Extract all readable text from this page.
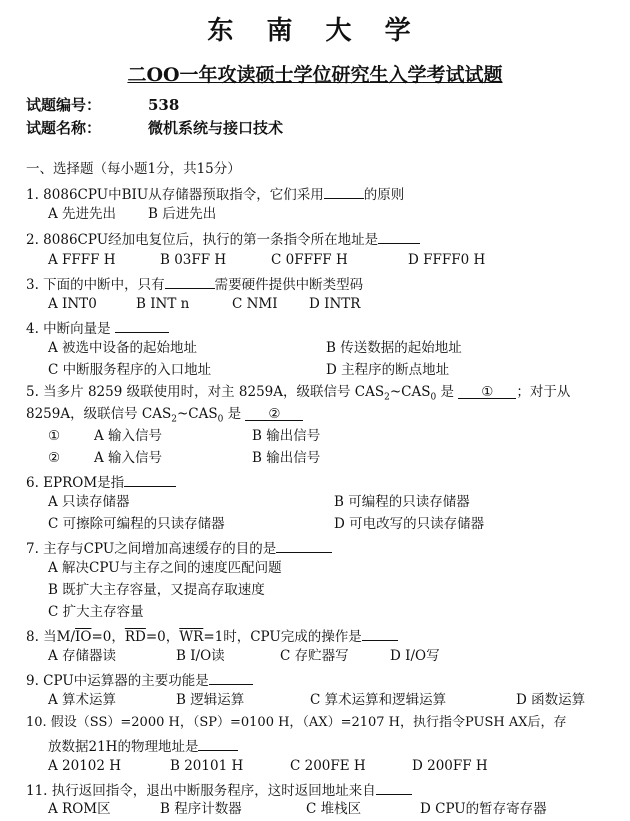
东 南 大 学
二OO一年攻读硕士学位研究生入学考试试题
试题编号：	538
试题名称：	微机系统与接口技术
一、选择题（每小题1分，共15分）
1. 8086CPU中BIU从存储器预取指令，它们采用	的原则
A 先进先出 B 后进先出
2. 8086CPU经加电复位后，执行的第一条指令所在地址是
A FFFF H	B 03FF H	C 0FFFF H	D FFFF0 H
3. 下面的中断中，只有	需要硬件提供中断类型码
A INT0	B INT n	C NMI D INTR
4. 中断向量是
A 被选中设备的起始地址	B 传送数据的起始地址
C 中断服务程序的入口地址	D 主程序的断点地址
5. 当多片 8259 级联使用时，对主 8259A，级联信号 $CAS_2\sim CAS_0$ 是 ① ；对于从
8259A，级联信号 $CAS_2\sim CAS_0$ 是 ②
①	A 输入信号	B 输出信号
②	A 输入信号	B 输出信号
6. EPROM是指
A 只读存储器	B 可编程的只读存储器
C 可擦除可编程的只读存储器	D 可电改写的只读存储器
7. 主存与CPU之间增加高速缓存的目的是
A 解决CPU与主存之间的速度匹配问题
B 既扩大主存容量，又提高存取速度
C 扩大主存容量
8. 当$M/\overline{IO}=0$，$\overline{RD}=0$，$\overline{WR}=1$时，CPU完成的操作是
A 存储器读	B I/O读	C 存贮器写	D I/O写
9. CPU中运算器的主要功能是
A 算术运算	B 逻辑运算	C 算术运算和逻辑运算	D 函数运算
10. 假设（SS）=2000 H，（SP）=0100 H，（AX）=2107 H，执行指令PUSH AX后，存
放数据21H的物理地址是
A 20102 H	B 20101 H	C 200FE H	D 200FF H
11. 执行返回指令，退出中断服务程序，这时返回地址来自
A ROM区	B 程序计数器	C 堆栈区	D CPU的暂存寄存器
